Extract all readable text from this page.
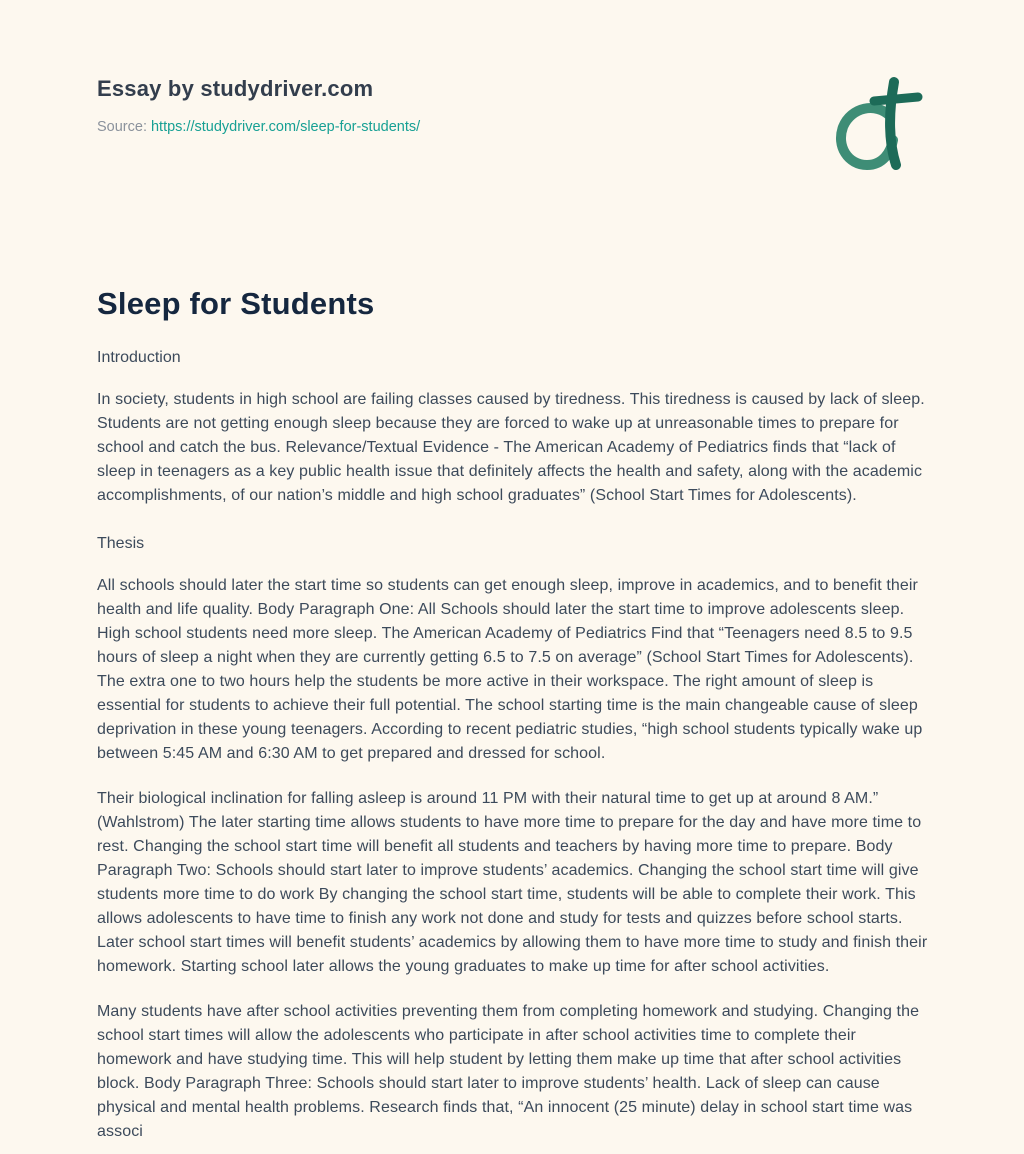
Essay by studydriver.com

Source: https://studydriver.com/sleep-for-students/

Sleep for Students
Introduction

In society, students in high school are failing classes caused by tiredness. This tiredness is caused by lack of sleep. Students are not getting enough sleep because they are forced to wake up at unreasonable times to prepare for school and catch the bus. Relevance/Textual Evidence - The American Academy of Pediatrics finds that “lack of sleep in teenagers as a key public health issue that definitely affects the health and safety, along with the academic accomplishments, of our nation’s middle and high school graduates” (School Start Times for Adolescents).

Thesis

All schools should later the start time so students can get enough sleep, improve in academics, and to benefit their health and life quality. Body Paragraph One: All Schools should later the start time to improve adolescents sleep. High school students need more sleep. The American Academy of Pediatrics Find that “Teenagers need 8.5 to 9.5 hours of sleep a night when they are currently getting 6.5 to 7.5 on average” (School Start Times for Adolescents). The extra one to two hours help the students be more active in their workspace. The right amount of sleep is essential for students to achieve their full potential. The school starting time is the main changeable cause of sleep deprivation in these young teenagers. According to recent pediatric studies, “high school students typically wake up between 5:45 AM and 6:30 AM to get prepared and dressed for school.

Their biological inclination for falling asleep is around 11 PM with their natural time to get up at around 8 AM.” (Wahlstrom) The later starting time allows students to have more time to prepare for the day and have more time to rest. Changing the school start time will benefit all students and teachers by having more time to prepare. Body Paragraph Two: Schools should start later to improve students’ academics. Changing the school start time will give students more time to do work By changing the school start time, students will be able to complete their work. This allows adolescents to have time to finish any work not done and study for tests and quizzes before school starts. Later school start times will benefit students’ academics by allowing them to have more time to study and finish their homework. Starting school later allows the young graduates to make up time for after school activities.

Many students have after school activities preventing them from completing homework and studying. Changing the school start times will allow the adolescents who participate in after school activities time to complete their homework and have studying time. This will help student by letting them make up time that after school activities block. Body Paragraph Three: Schools should start later to improve students’ health. Lack of sleep can cause physical and mental health problems. Research finds that, “An innocent (25 minute) delay in school start time was associ
